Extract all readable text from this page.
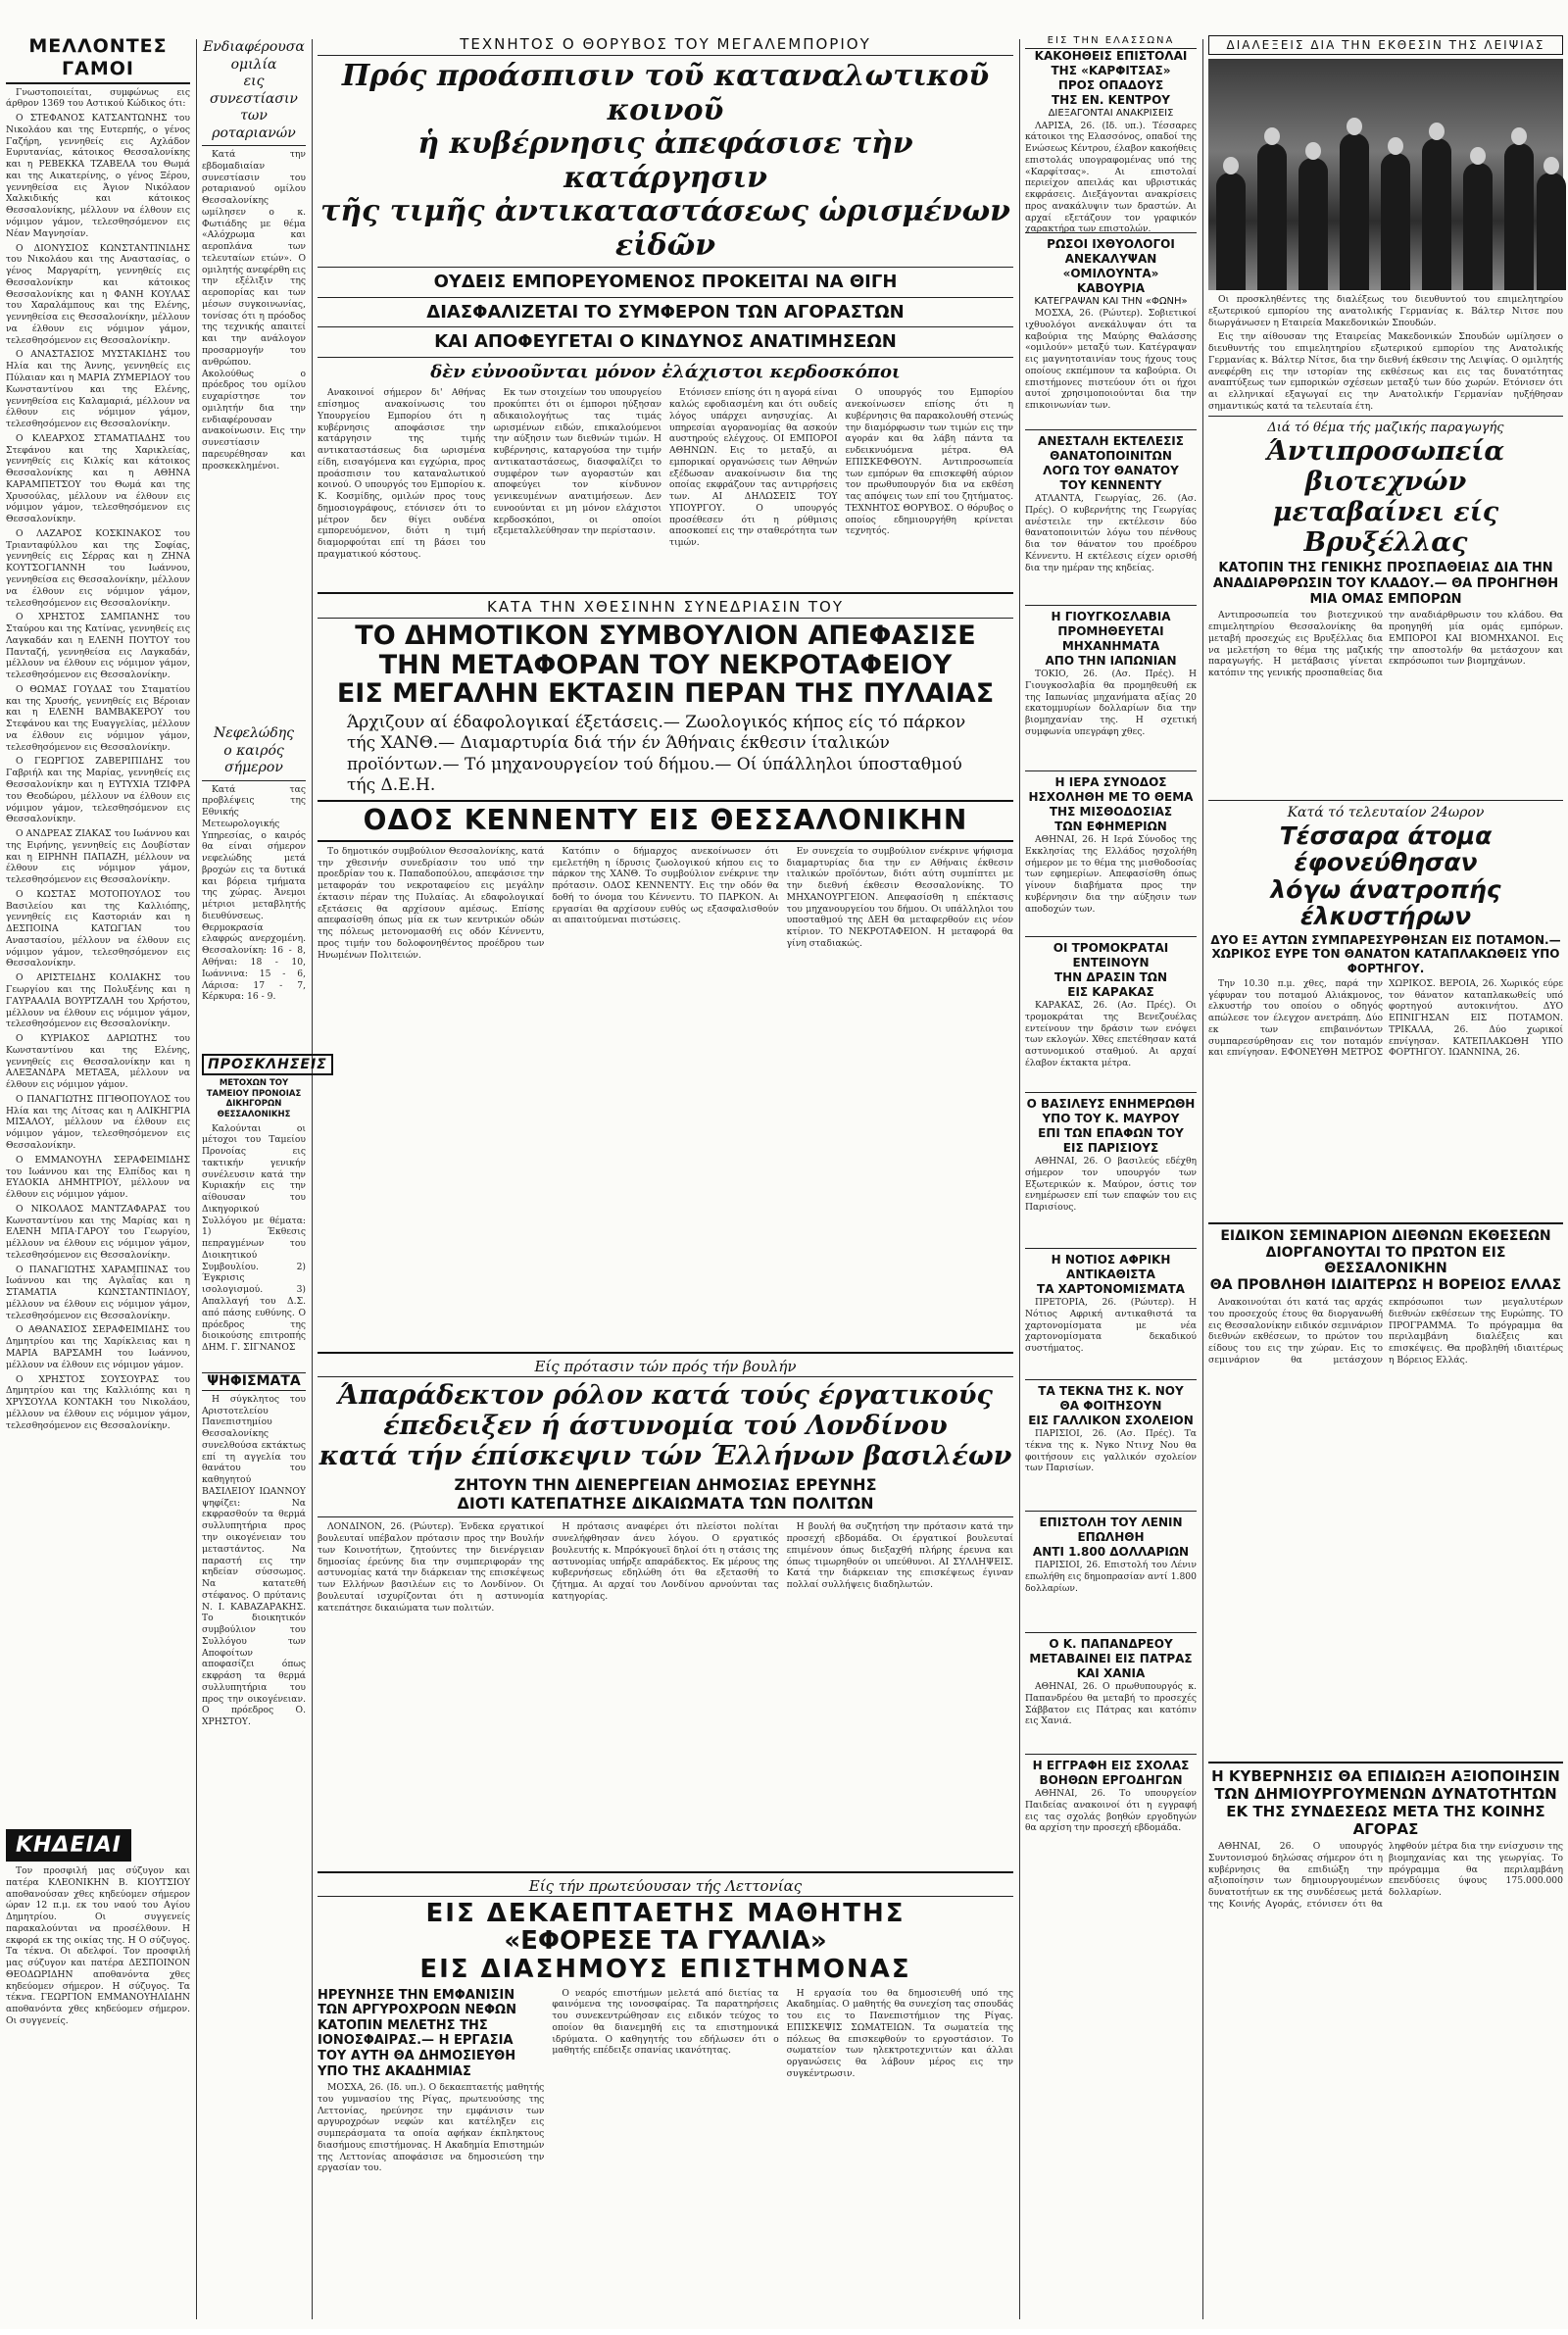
ΜΕΛΛΟΝΤΕΣ ΓΑΜΟΙ

Γνωστοποιείται, συμφώνως εις άρθρον 1369 του Αστικού Κώδικος ότι:

Ο ΣΤΕΦΑΝΟΣ ΚΑΤΣΑΝΤΩΝΗΣ του Νικολάου και της Ευτερπής, ο γένος Γαζήρη, γεννηθείς εις Αχλάδον Ευρυτανίας, κάτοικος Θεσσαλονίκης και η ΡΕΒΕΚΚΑ ΤΖΑΒΕΛΑ του Θωμά και της Αικατερίνης, ο γένος Ξέρου, γεννηθείσα εις Άγιον Νικόλαον Χαλκιδικής και κάτοικος Θεσσαλονίκης, μέλλουν να έλθουν εις νόμιμον γάμον, τελεσθησόμενον εις Νέαν Μαγνησίαν.

Ο ΔΙΟΝΥΣΙΟΣ ΚΩΝΣΤΑΝΤΙΝΙΔΗΣ του Νικολάου και της Αναστασίας, ο γένος Μαργαρίτη, γεννηθείς εις Θεσσαλονίκην και κάτοικος Θεσσαλονίκης και η ΦΑΝΗ ΚΟΥΛΑΣ του Χαραλάμπους και της Ελένης, γεννηθείσα εις Θεσσαλονίκην, μέλλουν να έλθουν εις νόμιμον γάμον, τελεσθησόμενον εις Θεσσαλονίκην.

Ο ΑΝΑΣΤΑΣΙΟΣ ΜΥΣΤΑΚΙΔΗΣ του Ηλία και της Άννης, γεννηθείς εις Πύλαιαν και η ΜΑΡΙΑ ΖΥΜΕΡΙΔΟΥ του Κωνσταντίνου και της Ελένης, γεννηθείσα εις Καλαμαριά, μέλλουν να έλθουν εις νόμιμον γάμον, τελεσθησόμενον εις Θεσσαλονίκην.

Ο ΚΛΕΑΡΧΟΣ ΣΤΑΜΑΤΙΑΔΗΣ του Στεφάνου και της Χαρικλείας, γεννηθείς εις Κιλκίς και κάτοικος Θεσσαλονίκης και η ΑΘΗΝΑ ΚΑΡΑΜΠΕΤΣΟΥ του Θωμά και της Χρυσούλας, μέλλουν να έλθουν εις νόμιμον γάμον, τελεσθησόμενον εις Θεσσαλονίκην.

Ο ΛΑΖΑΡΟΣ ΚΟΣΚΙΝΑΚΟΣ του Τριανταφύλλου και της Σοφίας, γεννηθείς εις Σέρρας και η ΖΗΝΑ ΚΟΥΤΣΟΓΙΑΝΝΗ του Ιωάννου, γεννηθείσα εις Θεσσαλονίκην, μέλλουν να έλθουν εις νόμιμον γάμον, τελεσθησόμενον εις Θεσσαλονίκην.

Ο ΧΡΗΣΤΟΣ ΣΑΜΠΑΝΗΣ του Σταύρου και της Κατίνας, γεννηθείς εις Λαγκαδάν και η ΕΛΕΝΗ ΠΟΥΤΟΥ του Πανταζή, γεννηθείσα εις Λαγκαδάν, μέλλουν να έλθουν εις νόμιμον γάμον, τελεσθησόμενον εις Θεσσαλονίκην.

Ο ΘΩΜΑΣ ΓΟΥΔΑΣ του Σταματίου και της Χρυσής, γεννηθείς εις Βέροιαν και η ΕΛΕΝΗ ΒΑΜΒΑΚΕΡΟΥ του Στεφάνου και της Ευαγγελίας, μέλλουν να έλθουν εις νόμιμον γάμον, τελεσθησόμενον εις Θεσσαλονίκην.

Ο ΓΕΩΡΓΙΟΣ ΖΑΒΕΡΙΠΙΔΗΣ του Γαβριήλ και της Μαρίας, γεννηθείς εις Θεσσαλονίκην και η ΕΥΤΥΧΙΑ ΤΖΙΦΡΑ του Θεοδώρου, μέλλουν να έλθουν εις νόμιμον γάμον, τελεσθησόμενον εις Θεσσαλονίκην.

Ο ΑΝΔΡΕΑΣ ΖΙΑΚΑΣ του Ιωάννου και της Ειρήνης, γεννηθείς εις Δουβίσταν και η ΕΙΡΗΝΗ ΠΑΠΑΖΗ, μέλλουν να έλθουν εις νόμιμον γάμον, τελεσθησόμενον εις Θεσσαλονίκην.

Ο ΚΩΣΤΑΣ ΜΟΤΟΠΟΥΛΟΣ του Βασιλείου και της Καλλιόπης, γεννηθείς εις Καστοριάν και η ΔΕΣΠΟΙΝΑ ΚΑΤΩΓΙΑΝ του Αναστασίου, μέλλουν να έλθουν εις νόμιμον γάμον, τελεσθησόμενον εις Θεσσαλονίκην.

Ο ΑΡΙΣΤΕΙΔΗΣ ΚΟΛΙΑΚΗΣ του Γεωργίου και της Πολυξένης και η ΓΑΥΡΑΑΛΙΑ ΒΟΥΡΤΖΑΛΗ του Χρήστου, μέλλουν να έλθουν εις νόμιμον γάμον, τελεσθησόμενον εις Θεσσαλονίκην.

Ο ΚΥΡΙΑΚΟΣ ΔΑΡΙΩΤΗΣ του Κωνσταντίνου και της Ελένης, γεννηθείς εις Θεσσαλονίκην και η ΑΛΕΞΑΝΔΡΑ ΜΕΤΑΞΑ, μέλλουν να έλθουν εις νόμιμον γάμον.

Ο ΠΑΝΑΓΙΩΤΗΣ ΠΓΙΘΟΠΟΥΛΟΣ του Ηλία και της Λίτσας και η ΑΛΙΚΗΓΡΙΑ ΜΙΣΑΛΟΥ, μέλλουν να έλθουν εις νόμιμον γάμον, τελεσθησόμενον εις Θεσσαλονίκην.

Ο ΕΜΜΑΝΟΥΗΛ ΣΕΡΑΦΕΙΜΙΔΗΣ του Ιωάννου και της Ελπίδος και η ΕΥΔΟΚΙΑ ΔΗΜΗΤΡΙΟΥ, μέλλουν να έλθουν εις νόμιμον γάμον.

Ο ΝΙΚΟΛΑΟΣ ΜΑΝΤΖΑΦΑΡΑΣ του Κωνσταντίνου και της Μαρίας και η ΕΛΕΝΗ ΜΠΑ·ΓΑΡΟΥ του Γεωργίου, μέλλουν να έλθουν εις νόμιμον γάμον, τελεσθησόμενον εις Θεσσαλονίκην.

Ο ΠΑΝΑΓΙΩΤΗΣ ΧΑΡΑΜΠΙΝΑΣ του Ιωάννου και της Αγλαΐας και η ΣΤΑΜΑΤΙΑ ΚΩΝΣΤΑΝΤΙΝΙΔΟΥ, μέλλουν να έλθουν εις νόμιμον γάμον, τελεσθησόμενον εις Θεσσαλονίκην.

Ο ΑΘΑΝΑΣΙΟΣ ΣΕΡΑΦΕΙΜΙΔΗΣ του Δημητρίου και της Χαρίκλειας και η ΜΑΡΙΑ ΒΑΡΣΑΜΗ του Ιωάννου, μέλλουν να έλθουν εις νόμιμον γάμον.

Ο ΧΡΗΣΤΟΣ ΣΟΥΣΟΥΡΑΣ του Δημητρίου και της Καλλιόπης και η ΧΡΥΣΟΥΛΑ ΚΟΝΤΑΚΗ του Νικολάου, μέλλουν να έλθουν εις νόμιμον γάμον, τελεσθησόμενον εις Θεσσαλονίκην.

ΚΗΔΕΙΑΙ

Τον προσφιλή μας σύζυγον και πατέρα ΚΛΕΟΝΙΚΗΝ Β. ΚΙΟΥΤΣΙΟΥ αποθανούσαν χθες κηδεύομεν σήμερον ώραν 12 π.μ. εκ του ναού του Αγίου Δημητρίου. Οι συγγενείς παρακαλούνται να προσέλθουν. Η εκφορά εκ της οικίας της. Η Ο σύζυγος. Τα τέκνα. Οι αδελφοί. Τον προσφιλή μας σύζυγον και πατέρα ΔΕΣΠΟΙΝΟΝ ΘΕΟΔΩΡΙΔΗΝ αποθανόντα χθες κηδεύομεν σήμερον. Η σύζυγος. Τα τέκνα. ΓΕΩΡΓΙΟΝ ΕΜΜΑΝΟΥΗΛΙΔΗΝ αποθανόντα χθες κηδεύομεν σήμερον. Οι συγγενείς.

Ενδιαφέρουσα ομιλία
εις συνεστίασιν
των ροταριανών

Κατά την εβδομαδιαίαν συνεστίασιν του ροταριανού ομίλου Θεσσαλονίκης ωμίλησεν ο κ. Φωτιάδης με θέμα «Αλόχρωμα και αεροπλάνα των τελευταίων ετών». Ο ομιλητής ανεφέρθη εις την εξέλιξιν της αεροπορίας και των μέσων συγκοινωνίας, τονίσας ότι η πρόοδος της τεχνικής απαιτεί και την ανάλογον προσαρμογήν του ανθρώπου. Ακολούθως ο πρόεδρος του ομίλου ευχαρίστησε τον ομιλητήν δια την ενδιαφέρουσαν ανακοίνωσιν. Εις την συνεστίασιν παρευρέθησαν και προσκεκλημένοι.

Νεφελώδης
ο καιρός
σήμερον

Κατά τας προβλέψεις της Εθνικής Μετεωρολογικής Υπηρεσίας, ο καιρός θα είναι σήμερον νεφελώδης μετά βροχών εις τα δυτικά και βόρεια τμήματα της χώρας. Άνεμοι μέτριοι μεταβλητής διευθύνσεως. Θερμοκρασία ελαφρώς ανερχομένη. Θεσσαλονίκη: 16 - 8, Αθήναι: 18 - 10, Ιωάννινα: 15 - 6, Λάρισα: 17 - 7, Κέρκυρα: 16 - 9.

ΠΡΟΣΚΛΗΣΕΙΣ
ΜΕΤΟΧΩΝ ΤΟΥ ΤΑΜΕΙΟΥ ΠΡΟΝΟΙΑΣ ΔΙΚΗΓΟΡΩΝ ΘΕΣΣΑΛΟΝΙΚΗΣ

Καλούνται οι μέτοχοι του Ταμείου Προνοίας εις τακτικήν γενικήν συνέλευσιν κατά την Κυριακήν εις την αίθουσαν του Δικηγορικού Συλλόγου με θέματα: 1) Έκθεσις πεπραγμένων του Διοικητικού Συμβουλίου. 2) Έγκρισις ισολογισμού. 3) Απαλλαγή του Δ.Σ. από πάσης ευθύνης. Ο πρόεδρος της διοικούσης επιτροπής ΔΗΜ. Γ. ΣΙΓΝΑΝΟΣ

ΨΗΦΙΣΜΑΤΑ

Η σύγκλητος του Αριστοτελείου Πανεπιστημίου Θεσσαλονίκης συνελθούσα εκτάκτως επί τη αγγελία του θανάτου του καθηγητού ΒΑΣΙΛΕΙΟΥ ΙΩΑΝΝΟΥ ψηφίζει: Να εκφρασθούν τα θερμά συλλυπητήρια προς την οικογένειαν του μεταστάντος. Να παραστή εις την κηδείαν σύσσωμος. Να κατατεθή στέφανος. Ο πρύτανις Ν. Ι. ΚΑΒΑΖΑΡΑΚΗΣ. Το διοικητικόν συμβούλιον του Συλλόγου των Αποφοίτων αποφασίζει όπως εκφράση τα θερμά συλλυπητήρια του προς την οικογένειαν. Ο πρόεδρος Ο. ΧΡΗΣΤΟΥ.

ΤΕΧΝΗΤΟΣ Ο ΘΟΡΥΒΟΣ ΤΟΥ ΜΕΓΑΛΕΜΠΟΡΙΟΥ
Πρός προάσπισιν τοῦ καταναλωτικοῦ κοινοῦ
ἡ κυβέρνησις ἀπεφάσισε τὴν κατάργησιν
τῆς τιμῆς ἀντικαταστάσεως ὡρισμένων εἰδῶν
ΟΥΔΕΙΣ ΕΜΠΟΡΕΥΟΜΕΝΟΣ ΠΡΟΚΕΙΤΑΙ ΝΑ ΘΙΓΗ
ΔΙΑΣΦΑΛΙΖΕΤΑΙ ΤΟ ΣΥΜΦΕΡΟΝ ΤΩΝ ΑΓΟΡΑΣΤΩΝ
ΚΑΙ ΑΠΟΦΕΥΓΕΤΑΙ Ο ΚΙΝΔΥΝΟΣ ΑΝΑΤΙΜΗΣΕΩΝ
δὲν εὐνοοῦνται μόνον ἐλάχιστοι κερδοσκόποι

Ανακοινοί σήμερον δι' Αθήνας επίσημος ανακοίνωσις του Υπουργείου Εμπορίου ότι η κυβέρνησις αποφάσισε την κατάργησιν της τιμής αντικαταστάσεως δια ωρισμένα είδη, εισαγόμενα και εγχώρια, προς προάσπισιν του καταναλωτικού κοινού. Ο υπουργός του Εμπορίου κ. Κ. Κοσμίδης, ομιλών προς τους δημοσιογράφους, ετόνισεν ότι το μέτρον δεν θίγει ουδένα εμπορευόμενον, διότι η τιμή διαμορφούται επί τη βάσει του πραγματικού κόστους.

Εκ των στοιχείων του υπουργείου προκύπτει ότι οι έμποροι ηύξησαν αδικαιολογήτως τας τιμάς ωρισμένων ειδών, επικαλούμενοι την αύξησιν των διεθνών τιμών. Η κυβέρνησις, καταργούσα την τιμήν αντικαταστάσεως, διασφαλίζει το συμφέρον των αγοραστών και αποφεύγει τον κίνδυνον γενικευμένων ανατιμήσεων. Δεν ευνοούνται ει μη μόνον ελάχιστοι κερδοσκόποι, οι οποίοι εξεμεταλλεύθησαν την περίστασιν.

Ετόνισεν επίσης ότι η αγορά είναι καλώς εφοδιασμένη και ότι ουδείς λόγος υπάρχει ανησυχίας. Αι υπηρεσίαι αγορανομίας θα ασκούν αυστηρούς ελέγχους. ΟΙ ΕΜΠΟΡΟΙ ΑΘΗΝΩΝ. Εις το μεταξύ, αι εμπορικαί οργανώσεις των Αθηνών εξέδωσαν ανακοίνωσιν δια της οποίας εκφράζουν τας αντιρρήσεις των. ΑΙ ΔΗΛΩΣΕΙΣ ΤΟΥ ΥΠΟΥΡΓΟΥ. Ο υπουργός προσέθεσεν ότι η ρύθμισις αποσκοπεί εις την σταθερότητα των τιμών.

Ο υπουργός του Εμπορίου ανεκοίνωσεν επίσης ότι η κυβέρνησις θα παρακολουθή στενώς την διαμόρφωσιν των τιμών εις την αγοράν και θα λάβη πάντα τα ενδεικνυόμενα μέτρα. ΘΑ ΕΠΙΣΚΕΦΘΟΥΝ. Αντιπροσωπεία των εμπόρων θα επισκεφθή αύριον τον πρωθυπουργόν δια να εκθέση τας απόψεις των επί του ζητήματος. ΤΕΧΝΗΤΟΣ ΘΟΡΥΒΟΣ. Ο θόρυβος ο οποίος εδημιουργήθη κρίνεται τεχνητός.

ΚΑΤΑ ΤΗΝ ΧΘΕΣΙΝΗΝ ΣΥΝΕΔΡΙΑΣΙΝ ΤΟΥ
ΤΟ ΔΗΜΟΤΙΚΟΝ ΣΥΜΒΟΥΛΙΟΝ ΑΠΕΦΑΣΙΣΕ
ΤΗΝ ΜΕΤΑΦΟΡΑΝ ΤΟΥ ΝΕΚΡΟΤΑΦΕΙΟΥ
ΕΙΣ ΜΕΓΑΛΗΝ ΕΚΤΑΣΙΝ ΠΕΡΑΝ ΤΗΣ ΠΥΛΑΙΑΣ
Άρχιζουν αί έδαφολογικαί έξετάσεις.— Ζωολογικός κήπος είς τό πάρκον τής ΧΑΝΘ.— Διαμαρτυρία διά τήν έν Άθήναις έκθεσιν ίταλικών προϊόντων.— Τό μηχανουργείον τού δήμου.— Οί ύπάλληλοι ύποσταθμού τής Δ.Ε.Η.
ΟΔΟΣ ΚΕΝΝΕΝΤΥ ΕΙΣ ΘΕΣΣΑΛΟΝΙΚΗΝ

Το δημοτικόν συμβούλιον Θεσσαλονίκης, κατά την χθεσινήν συνεδρίασιν του υπό την προεδρίαν του κ. Παπαδοπούλου, απεφάσισε την μεταφοράν του νεκροταφείου εις μεγάλην έκτασιν πέραν της Πυλαίας. Αι εδαφολογικαί εξετάσεις θα αρχίσουν αμέσως. Επίσης απεφασίσθη όπως μία εκ των κεντρικών οδών της πόλεως μετονομασθή εις οδόν Κέννεντυ, προς τιμήν του δολοφονηθέντος προέδρου των Ηνωμένων Πολιτειών.

Κατόπιν ο δήμαρχος ανεκοίνωσεν ότι εμελετήθη η ίδρυσις ζωολογικού κήπου εις το πάρκον της ΧΑΝΘ. Το συμβούλιον ενέκρινε την πρότασιν. ΟΔΟΣ ΚΕΝΝΕΝΤΥ. Εις την οδόν θα δοθή το όνομα του Κέννεντυ. ΤΟ ΠΑΡΚΟΝ. Αι εργασίαι θα αρχίσουν ευθύς ως εξασφαλισθούν αι απαιτούμεναι πιστώσεις.

Εν συνεχεία το συμβούλιον ενέκρινε ψήφισμα διαμαρτυρίας δια την εν Αθήναις έκθεσιν ιταλικών προϊόντων, διότι αύτη συμπίπτει με την διεθνή έκθεσιν Θεσσαλονίκης. ΤΟ ΜΗΧΑΝΟΥΡΓΕΙΟΝ. Απεφασίσθη η επέκτασις του μηχανουργείου του δήμου. Οι υπάλληλοι του υποσταθμού της ΔΕΗ θα μεταφερθούν εις νέον κτίριον. ΤΟ ΝΕΚΡΟΤΑΦΕΙΟΝ. Η μεταφορά θα γίνη σταδιακώς.

Είς πρότασιν τών πρός τήν βουλήν
Άπαράδεκτον ρόλον κατά τούς έργατικούς
έπεδειξεν ή άστυνομία τού Λονδίνου
κατά τήν έπίσκεψιν τών Έλλήνων βασιλέων
ΖΗΤΟΥΝ ΤΗΝ ΔΙΕΝΕΡΓΕΙΑΝ ΔΗΜΟΣΙΑΣ ΕΡΕΥΝΗΣ
ΔΙΟΤΙ ΚΑΤΕΠΑΤΗΣΕ ΔΙΚΑΙΩΜΑΤΑ ΤΩΝ ΠΟΛΙΤΩΝ

ΛΟΝΔΙΝΟΝ, 26. (Ρώυτερ). Ένδεκα εργατικοί βουλευταί υπέβαλον πρότασιν προς την Βουλήν των Κοινοτήτων, ζητούντες την διενέργειαν δημοσίας έρεύνης δια την συμπεριφοράν της αστυνομίας κατά την διάρκειαν της επισκέψεως των Ελλήνων βασιλέων εις το Λονδίνον. Οι βουλευταί ισχυρίζονται ότι η αστυνομία κατεπάτησε δικαιώματα των πολιτών.

Η πρότασις αναφέρει ότι πλείστοι πολίται συνελήφθησαν άνευ λόγου. Ο εργατικός βουλευτής κ. Μπρόκγουεϊ δηλοί ότι η στάσις της αστυνομίας υπήρξε απαράδεκτος. Εκ μέρους της κυβερνήσεως εδηλώθη ότι θα εξετασθή το ζήτημα. Αι αρχαί του Λονδίνου αρνούνται τας κατηγορίας.

Η βουλή θα συζητήση την πρότασιν κατά την προσεχή εβδομάδα. Οι έργατικοί βουλευταί επιμένουν όπως διεξαχθή πλήρης έρευνα και όπως τιμωρηθούν οι υπεύθυνοι. ΑΙ ΣΥΛΛΗΨΕΙΣ. Κατά την διάρκειαν της επισκέψεως έγιναν πολλαί συλλήψεις διαδηλωτών.

Είς τήν πρωτεύουσαν τής Λεττονίας
ΕΙΣ ΔΕΚΑΕΠΤΑΕΤΗΣ ΜΑΘΗΤΗΣ
«ΕΦΟΡΕΣΕ ΤΑ ΓΥΑΛΙΑ»
ΕΙΣ ΔΙΑΣΗΜΟΥΣ ΕΠΙΣΤΗΜΟΝΑΣ
ΗΡΕΥΝΗΣΕ ΤΗΝ ΕΜΦΑΝΙΣΙΝ ΤΩΝ ΑΡΓΥΡΟΧΡΟΩΝ ΝΕΦΩΝ ΚΑΤΟΠΙΝ ΜΕΛΕΤΗΣ ΤΗΣ ΙΟΝΟΣΦΑΙΡΑΣ.— Η ΕΡΓΑΣΙΑ ΤΟΥ ΑΥΤΗ ΘΑ ΔΗΜΟΣΙΕΥΘΗ ΥΠΟ ΤΗΣ ΑΚΑΔΗΜΙΑΣ

ΜΟΣΧΑ, 26. (Ιδ. υπ.). Ο δεκαεπταετής μαθητής του γυμνασίου της Ρίγας, πρωτευούσης της Λεττονίας, ηρεύνησε την εμφάνισιν των αργυροχρόων νεφών και κατέληξεν εις συμπεράσματα τα οποία αφήκαν έκπληκτους διασήμους επιστήμονας. Η Ακαδημία Επιστημών της Λεττονίας αποφάσισε να δημοσιεύση την εργασίαν του.

Ο νεαρός επιστήμων μελετά από διετίας τα φαινόμενα της ιονοσφαίρας. Τα παρατηρήσεις του συνεκεντρώθησαν εις ειδικόν τεύχος το οποίον θα διανεμηθή εις τα επιστημονικά ιδρύματα. Ο καθηγητής του εδήλωσεν ότι ο μαθητής επέδειξε σπανίας ικανότητας.

Η εργασία του θα δημοσιευθή υπό της Ακαδημίας. Ο μαθητής θα συνεχίση τας σπουδάς του εις το Πανεπιστήμιον της Ρίγας. ΕΠΙΣΚΕΨΙΣ ΣΩΜΑΤΕΙΩΝ. Τα σωματεία της πόλεως θα επισκεφθούν το εργοστάσιον. Το σωματείον των ηλεκτροτεχνιτών και άλλαι οργανώσεις θα λάβουν μέρος εις την συγκέντρωσιν.

ΕΙΣ ΤΗΝ ΕΛΑΣΣΩΝΑ
ΚΑΚΟΗΘΕΙΣ ΕΠΙΣΤΟΛΑΙ
ΤΗΣ «ΚΑΡΦΙΤΣΑΣ»
ΠΡΟΣ ΟΠΑΔΟΥΣ
ΤΗΣ ΕΝ. ΚΕΝΤΡΟΥ
ΔΙΕΞΑΓΟΝΤΑΙ ΑΝΑΚΡΙΣΕΙΣ

ΛΑΡΙΣΑ, 26. (Ιδ. υπ.). Τέσσαρες κάτοικοι της Ελασσόνος, οπαδοί της Ενώσεως Κέντρου, έλαβον κακοήθεις επιστολάς υπογραφομένας υπό της «Καρφίτσας». Αι επιστολαί περιείχον απειλάς και υβριστικάς εκφράσεις. Διεξάγονται ανακρίσεις προς ανακάλυψιν των δραστών. Αι αρχαί εξετάζουν τον γραφικόν χαρακτήρα των επιστολών.

ΡΩΣΟΙ ΙΧΘΥΟΛΟΓΟΙ
ΑΝΕΚΑΛΥΨΑΝ
«ΟΜΙΛΟΥΝΤΑ»
ΚΑΒΟΥΡΙΑ
ΚΑΤΕΓΡΑΨΑΝ ΚΑΙ ΤΗΝ «ΦΩΝΗ»

ΜΟΣΧΑ, 26. (Ρώυτερ). Σοβιετικοί ιχθυολόγοι ανεκάλυψαν ότι τα καβούρια της Μαύρης Θαλάσσης «ομιλούν» μεταξύ των. Κατέγραψαν εις μαγνητοταινίαν τους ήχους τους οποίους εκπέμπουν τα καβούρια. Οι επιστήμονες πιστεύουν ότι οι ήχοι αυτοί χρησιμοποιούνται δια την επικοινωνίαν των.

ΑΝΕΣΤΑΛΗ ΕΚΤΕΛΕΣΙΣ
ΘΑΝΑΤΟΠΟΙΝΙΤΩΝ
ΛΟΓΩ ΤΟΥ ΘΑΝΑΤΟΥ
ΤΟΥ ΚΕΝΝΕΝΤΥ

ΑΤΛΑΝΤΑ, Γεωργίας, 26. (Ασ. Πρές). Ο κυβερνήτης της Γεωργίας ανέστειλε την εκτέλεσιν δύο θανατοποινιτών λόγω του πένθους δια τον θάνατον του προέδρου Κέννεντυ. Η εκτέλεσις είχεν ορισθή δια την ημέραν της κηδείας.

Η ΓΙΟΥΓΚΟΣΛΑΒΙΑ
ΠΡΟΜΗΘΕΥΕΤΑΙ
ΜΗΧΑΝΗΜΑΤΑ
ΑΠΟ ΤΗΝ ΙΑΠΩΝΙΑΝ

ΤΟΚΙΟ, 26. (Ασ. Πρές). Η Γιουγκοσλαβία θα προμηθευθή εκ της Ιαπωνίας μηχανήματα αξίας 20 εκατομμυρίων δολλαρίων δια την βιομηχανίαν της. Η σχετική συμφωνία υπεγράφη χθες.

Η ΙΕΡΑ ΣΥΝΟΔΟΣ
ΗΣΧΟΛΗΘΗ ΜΕ ΤΟ ΘΕΜΑ
ΤΗΣ ΜΙΣΘΟΔΟΣΙΑΣ
ΤΩΝ ΕΦΗΜΕΡΙΩΝ

ΑΘΗΝΑΙ, 26. Η Ιερά Σύνοδος της Εκκλησίας της Ελλάδος ησχολήθη σήμερον με το θέμα της μισθοδοσίας των εφημερίων. Απεφασίσθη όπως γίνουν διαβήματα προς την κυβέρνησιν δια την αύξησιν των αποδοχών των.

ΟΙ ΤΡΟΜΟΚΡΑΤΑΙ
ΕΝΤΕΙΝΟΥΝ
ΤΗΝ ΔΡΑΣΙΝ ΤΩΝ
ΕΙΣ ΚΑΡΑΚΑΣ

ΚΑΡΑΚΑΣ, 26. (Ασ. Πρές). Οι τρομοκράται της Βενεζουέλας εντείνουν την δράσιν των ενόψει των εκλογών. Χθες επετέθησαν κατά αστυνομικού σταθμού. Αι αρχαί έλαβον έκτακτα μέτρα.

Ο ΒΑΣΙΛΕΥΣ ΕΝΗΜΕΡΩΘΗ
ΥΠΟ ΤΟΥ Κ. ΜΑΥΡΟΥ
ΕΠΙ ΤΩΝ ΕΠΑΦΩΝ ΤΟΥ
ΕΙΣ ΠΑΡΙΣΙΟΥΣ

ΑΘΗΝΑΙ, 26. Ο βασιλεύς εδέχθη σήμερον τον υπουργόν των Εξωτερικών κ. Μαύρον, όστις τον ενημέρωσεν επί των επαφών του εις Παρισίους.

Η ΝΟΤΙΟΣ ΑΦΡΙΚΗ
ΑΝΤΙΚΑΘΙΣΤΑ
ΤΑ ΧΑΡΤΟΝΟΜΙΣΜΑΤΑ

ΠΡΕΤΟΡΙΑ, 26. (Ρώυτερ). Η Νότιος Αφρική αντικαθιστά τα χαρτονομίσματα με νέα χαρτονομίσματα δεκαδικού συστήματος.

ΤΑ ΤΕΚΝΑ ΤΗΣ Κ. ΝΟΥ
ΘΑ ΦΟΙΤΗΣΟΥΝ
ΕΙΣ ΓΑΛΛΙΚΟΝ ΣΧΟΛΕΙΟΝ

ΠΑΡΙΣΙΟΙ, 26. (Ασ. Πρές). Τα τέκνα της κ. Νγκο Ντινχ Νου θα φοιτήσουν εις γαλλικόν σχολείον των Παρισίων.

ΕΠΙΣΤΟΛΗ ΤΟΥ ΛΕΝΙΝ
ΕΠΩΛΗΘΗ
ΑΝΤΙ 1.800 ΔΟΛΛΑΡΙΩΝ

ΠΑΡΙΣΙΟΙ, 26. Επιστολή του Λένιν επωλήθη εις δημοπρασίαν αντί 1.800 δολλαρίων.

Ο Κ. ΠΑΠΑΝΔΡΕΟΥ
ΜΕΤΑΒΑΙΝΕΙ ΕΙΣ ΠΑΤΡΑΣ
ΚΑΙ ΧΑΝΙΑ

ΑΘΗΝΑΙ, 26. Ο πρωθυπουργός κ. Παπανδρέου θα μεταβή το προσεχές Σάββατον εις Πάτρας και κατόπιν εις Χανιά.

Η ΕΓΓΡΑΦΗ ΕΙΣ ΣΧΟΛΑΣ
ΒΟΗΘΩΝ ΕΡΓΟΔΗΓΩΝ

ΑΘΗΝΑΙ, 26. Το υπουργείον Παιδείας ανακοινοί ότι η εγγραφή εις τας σχολάς βοηθών εργοδηγών θα αρχίση την προσεχή εβδομάδα.

ΔΙΑΛΕΞΕΙΣ ΔΙΑ ΤΗΝ ΕΚΘΕΣΙΝ ΤΗΣ ΛΕΙΨΙΑΣ

Οι προσκληθέντες της διαλέξεως του διευθυντού του επιμελητηρίου εξωτερικού εμπορίου της ανατολικής Γερμανίας κ. Βάλτερ Νιτσε που διωργάνωσεν η Εταιρεία Μακεδονικών Σπουδών.

Εις την αίθουσαν της Εταιρείας Μακεδονικών Σπουδών ωμίλησεν ο διευθυντής του επιμελητηρίου εξωτερικού εμπορίου της Ανατολικής Γερμανίας κ. Βάλτερ Νίτσε, δια την διεθνή έκθεσιν της Λειψίας. Ο ομιλητής ανεφέρθη εις την ιστορίαν της εκθέσεως και εις τας δυνατότητας αναπτύξεως των εμπορικών σχέσεων μεταξύ των δύο χωρών. Ετόνισεν ότι αι ελληνικαί εξαγωγαί εις την Ανατολικήν Γερμανίαν ηυξήθησαν σημαντικώς κατά τα τελευταία έτη.

Διά τό θέμα τής μαζικής παραγωγής
Άντιπροσωπεία βιοτεχνών
μεταβαίνει είς Βρυξέλλας
ΚΑΤΟΠΙΝ ΤΗΣ ΓΕΝΙΚΗΣ ΠΡΟΣΠΑΘΕΙΑΣ ΔΙΑ ΤΗΝ ΑΝΑΔΙΑΡΘΡΩΣΙΝ ΤΟΥ ΚΛΑΔΟΥ.— ΘΑ ΠΡΟΗΓΗΘΗ ΜΙΑ ΟΜΑΣ ΕΜΠΟΡΩΝ

Αντιπροσωπεία του βιοτεχνικού επιμελητηρίου Θεσσαλονίκης θα μεταβή προσεχώς εις Βρυξέλλας δια να μελετήση το θέμα της μαζικής παραγωγής. Η μετάβασις γίνεται κατόπιν της γενικής προσπαθείας δια την αναδιάρθρωσιν του κλάδου. Θα προηγηθή μία ομάς εμπόρων. ΕΜΠΟΡΟΙ ΚΑΙ ΒΙΟΜΗΧΑΝΟΙ. Εις την αποστολήν θα μετάσχουν και εκπρόσωποι των βιομηχάνων.

Κατά τό τελευταίον 24ωρον
Τέσσαρα άτομα έφονεύθησαν
λόγω άνατροπής έλκυστήρων
ΔΥΟ ΕΞ ΑΥΤΩΝ ΣΥΜΠΑΡΕΣΥΡΘΗΣΑΝ ΕΙΣ ΠΟΤΑΜΟΝ.— ΧΩΡΙΚΟΣ ΕΥΡΕ ΤΟΝ ΘΑΝΑΤΟΝ ΚΑΤΑΠΛΑΚΩΘΕΙΣ ΥΠΟ ΦΟΡΤΗΓΟΥ.

Την 10.30 π.μ. χθες, παρά την γέφυραν του ποταμού Αλιάκμονος, ελκυστήρ του οποίου ο οδηγός απώλεσε τον έλεγχον ανετράπη. Δύο εκ των επιβαινόντων συμπαρεσύρθησαν εις τον ποταμόν και επνίγησαν. ΕΦΟΝΕΥΘΗ ΜΕΤΡΟΣ ΧΩΡΙΚΟΣ. ΒΕΡΟΙΑ, 26. Χωρικός εύρε τον θάνατον καταπλακωθείς υπό φορτηγού αυτοκινήτου. ΔΥΟ ΕΠΝΙΓΗΣΑΝ ΕΙΣ ΠΟΤΑΜΟΝ. ΤΡΙΚΑΛΑ, 26. Δύο χωρικοί επνίγησαν. ΚΑΤΕΠΛΑΚΩΘΗ ΥΠΟ ΦΟΡΤΗΓΟΥ. ΙΩΑΝΝΙΝΑ, 26.

ΕΙΔΙΚΟΝ ΣΕΜΙΝΑΡΙΟΝ ΔΙΕΘΝΩΝ ΕΚΘΕΣΕΩΝ
ΔΙΟΡΓΑΝΟΥΤΑΙ ΤΟ ΠΡΩΤΟΝ ΕΙΣ ΘΕΣΣΑΛΟΝΙΚΗΝ
ΘΑ ΠΡΟΒΛΗΘΗ ΙΔΙΑΙΤΕΡΩΣ Η ΒΟΡΕΙΟΣ ΕΛΛΑΣ

Ανακοινούται ότι κατά τας αρχάς του προσεχούς έτους θα διοργανωθή εις Θεσσαλονίκην ειδικόν σεμινάριον διεθνών εκθέσεων, το πρώτον του είδους του εις την χώραν. Εις το σεμινάριον θα μετάσχουν εκπρόσωποι των μεγαλυτέρων διεθνών εκθέσεων της Ευρώπης. ΤΟ ΠΡΟΓΡΑΜΜΑ. Το πρόγραμμα θα περιλαμβάνη διαλέξεις και επισκέψεις. Θα προβληθή ιδιαιτέρως η Βόρειος Ελλάς.

Η ΚΥΒΕΡΝΗΣΙΣ ΘΑ ΕΠΙΔΙΩΞΗ ΑΞΙΟΠΟΙΗΣΙΝ ΤΩΝ ΔΗΜΙΟΥΡΓΟΥΜΕΝΩΝ ΔΥΝΑΤΟΤΗΤΩΝ ΕΚ ΤΗΣ ΣΥΝΔΕΣΕΩΣ ΜΕΤΑ ΤΗΣ ΚΟΙΝΗΣ ΑΓΟΡΑΣ

ΑΘΗΝΑΙ, 26. Ο υπουργός Συντονισμού δηλώσας σήμερον ότι η κυβέρνησις θα επιδιώξη την αξιοποίησιν των δημιουργουμένων δυνατοτήτων εκ της συνδέσεως μετά της Κοινής Αγοράς, ετόνισεν ότι θα ληφθούν μέτρα δια την ενίσχυσιν της βιομηχανίας και της γεωργίας. Το πρόγραμμα θα περιλαμβάνη επενδύσεις ύψους 175.000.000 δολλαρίων.
